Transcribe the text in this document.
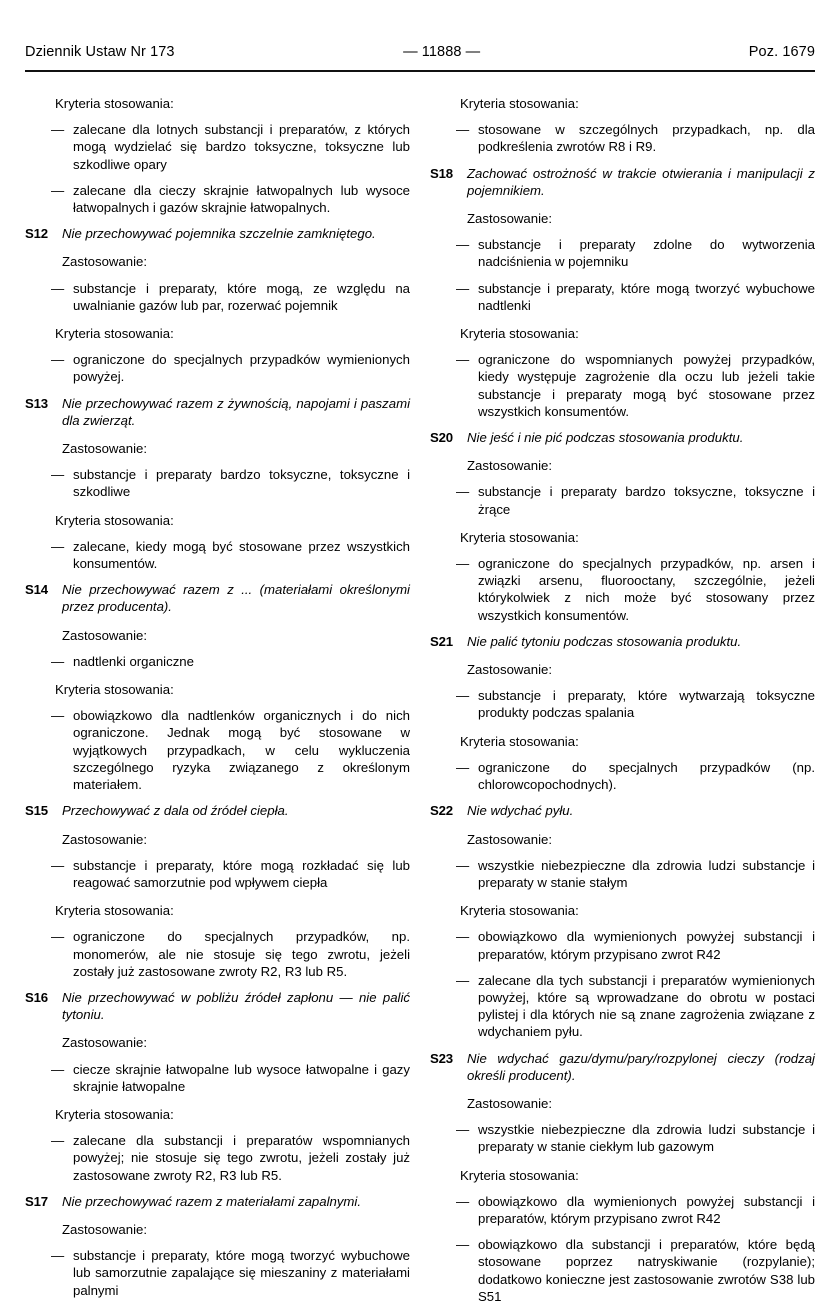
Dziennik Ustaw Nr 173	— 11888 —	Poz. 1679

Kryteria stosowania:

— zalecane dla lotnych substancji i preparatów, z których mogą wydzielać się bardzo toksyczne, toksyczne lub szkodliwe opary

— zalecane dla cieczy skrajnie łatwopalnych lub wysoce łatwopalnych i gazów skrajnie łatwopalnych.

S12 Nie przechowywać pojemnika szczelnie zamkniętego.

Zastosowanie:

— substancje i preparaty, które mogą, ze względu na uwalnianie gazów lub par, rozerwać pojemnik

Kryteria stosowania:

— ograniczone do specjalnych przypadków wymienionych powyżej.

S13 Nie przechowywać razem z żywnością, napojami i paszami dla zwierząt.

Zastosowanie:

— substancje i preparaty bardzo toksyczne, toksyczne i szkodliwe

Kryteria stosowania:

— zalecane, kiedy mogą być stosowane przez wszystkich konsumentów.

S14 Nie przechowywać razem z ... (materiałami określonymi przez producenta).

Zastosowanie:

— nadtlenki organiczne

Kryteria stosowania:

— obowiązkowo dla nadtlenków organicznych i do nich ograniczone. Jednak mogą być stosowane w wyjątkowych przypadkach, w celu wykluczenia szczególnego ryzyka związanego z określonym materiałem.

S15 Przechowywać z dala od źródeł ciepła.

Zastosowanie:

— substancje i preparaty, które mogą rozkładać się lub reagować samorzutnie pod wpływem ciepła

Kryteria stosowania:

— ograniczone do specjalnych przypadków, np. monomerów, ale nie stosuje się tego zwrotu, jeżeli zostały już zastosowane zwroty R2, R3 lub R5.

S16 Nie przechowywać w pobliżu źródeł zapłonu — nie palić tytoniu.

Zastosowanie:

— ciecze skrajnie łatwopalne lub wysoce łatwopalne i gazy skrajnie łatwopalne

Kryteria stosowania:

— zalecane dla substancji i preparatów wspomnianych powyżej; nie stosuje się tego zwrotu, jeżeli zostały już zastosowane zwroty R2, R3 lub R5.

S17 Nie przechowywać razem z materiałami zapalnymi.

Zastosowanie:

— substancje i preparaty, które mogą tworzyć wybuchowe lub samorzutnie zapalające się mieszaniny z materiałami palnymi

Kryteria stosowania:

— stosowane w szczególnych przypadkach, np. dla podkreślenia zwrotów R8 i R9.

S18 Zachować ostrożność w trakcie otwierania i manipulacji z pojemnikiem.

Zastosowanie:

— substancje i preparaty zdolne do wytworzenia nadciśnienia w pojemniku

— substancje i preparaty, które mogą tworzyć wybuchowe nadtlenki

Kryteria stosowania:

— ograniczone do wspomnianych powyżej przypadków, kiedy występuje zagrożenie dla oczu lub jeżeli takie substancje i preparaty mogą być stosowane przez wszystkich konsumentów.

S20 Nie jeść i nie pić podczas stosowania produktu.

Zastosowanie:

— substancje i preparaty bardzo toksyczne, toksyczne i żrące

Kryteria stosowania:

— ograniczone do specjalnych przypadków, np. arsen i związki arsenu, fluorooctany, szczególnie, jeżeli którykolwiek z nich może być stosowany przez wszystkich konsumentów.

S21 Nie palić tytoniu podczas stosowania produktu.

Zastosowanie:

— substancje i preparaty, które wytwarzają toksyczne produkty podczas spalania

Kryteria stosowania:

— ograniczone do specjalnych przypadków (np. chlorowcopochodnych).

S22 Nie wdychać pyłu.

Zastosowanie:

— wszystkie niebezpieczne dla zdrowia ludzi substancje i preparaty w stanie stałym

Kryteria stosowania:

— obowiązkowo dla wymienionych powyżej substancji i preparatów, którym przypisano zwrot R42

— zalecane dla tych substancji i preparatów wymienionych powyżej, które są wprowadzane do obrotu w postaci pylistej i dla których nie są znane zagrożenia związane z wdychaniem pyłu.

S23 Nie wdychać gazu/dymu/pary/rozpylonej cieczy (rodzaj określi producent).

Zastosowanie:

— wszystkie niebezpieczne dla zdrowia ludzi substancje i preparaty w stanie ciekłym lub gazowym

Kryteria stosowania:

— obowiązkowo dla wymienionych powyżej substancji i preparatów, którym przypisano zwrot R42

— obowiązkowo dla substancji i preparatów, które będą stosowane poprzez natryskiwanie (rozpylanie); dodatkowo konieczne jest zastosowanie zwrotów S38 lub S51
